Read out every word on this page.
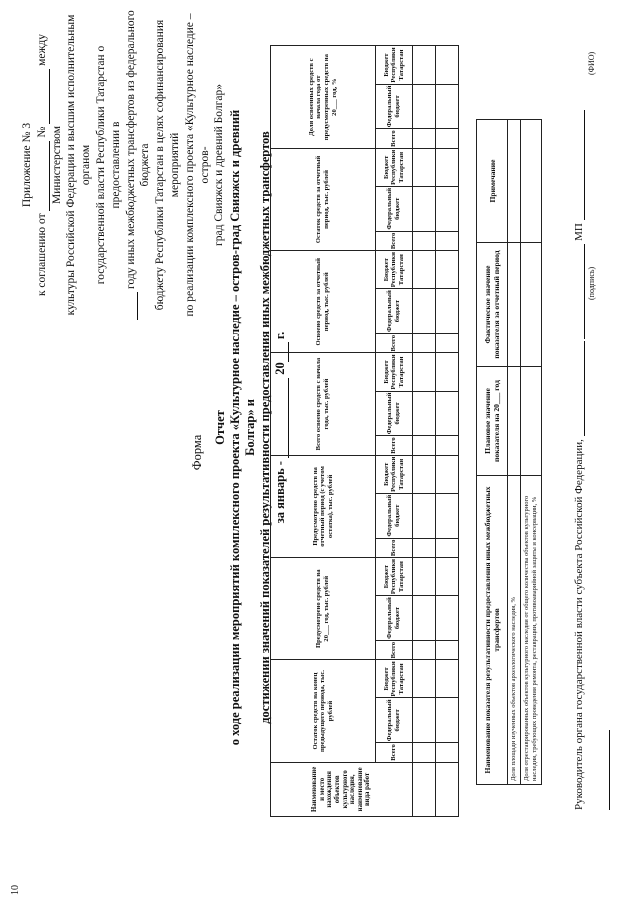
10
Приложение № 3
к соглашению от  №  между Министерством культуры Российской Федерации и высшим исполнительным органом государственной власти Республики Татарстан о предоставлении в году иных межбюджетных трансфертов из федерального бюджета бюджету Республики Татарстан в целях софинансирования мероприятий по реализации комплексного проекта «Культурное наследие – остров- град Свияжск и древний Болгар»
Форма
Отчет о ходе реализации мероприятий комплексного проекта «Культурное наследие – остров-град Свияжск и древний Болгар» и достижении значений показателей результативности предоставления иных межбюджетных трансфертов за январь -   20  г.
Наименование и место нахождения объектов культурного наследия, наименование вида работ	Остаток средств на конец предыдущего периода, тыс. рублей			Предусмотрено средств на 20___ год, тыс. рублей			Предусмотрено средств на отчетный период (с учетом остатка), тыс. рублей			Всего освоено средств с начала года, тыс. рублей			Освоено средств за отчетный период, тыс. рублей			Остаток средств за отчетный период, тыс. рублей			Доля освоенных средств с начала года от предусмотренных средств на 20___ год, %		
	Всего	Федеральный бюджет	Бюджет Республики Татарстан	Всего	Федеральный бюджет	Бюджет Республики Татарстан	Всего	Федеральный бюджет	Бюджет Республики Татарстан	Всего	Федеральный бюджет	Бюджет Республики Татарстан	Всего	Федеральный бюджет	Бюджет Республики Татарстан	Всего	Федеральный бюджет	Бюджет Республики Татарстан	Всего	Федеральный бюджет	Бюджет Республики Татарстан

Наименование показателя результативности предоставления иных межбюджетных трансфертов	Плановое значение показателя на 20___ год	Фактическое значение показателя за отчетный период	Примечание
Доля площади изученных объектов археологического наследия, %			
Доля отреставрированных объектов культурного наследия от общего количества объектов культурного наследия, требующих проведения ремонта, реставрации, противоаварийной защиты и консервации, %				Руководитель органа государственной власти субъекта Российской Федерации,     МП
(подпись)
(ФИО)
